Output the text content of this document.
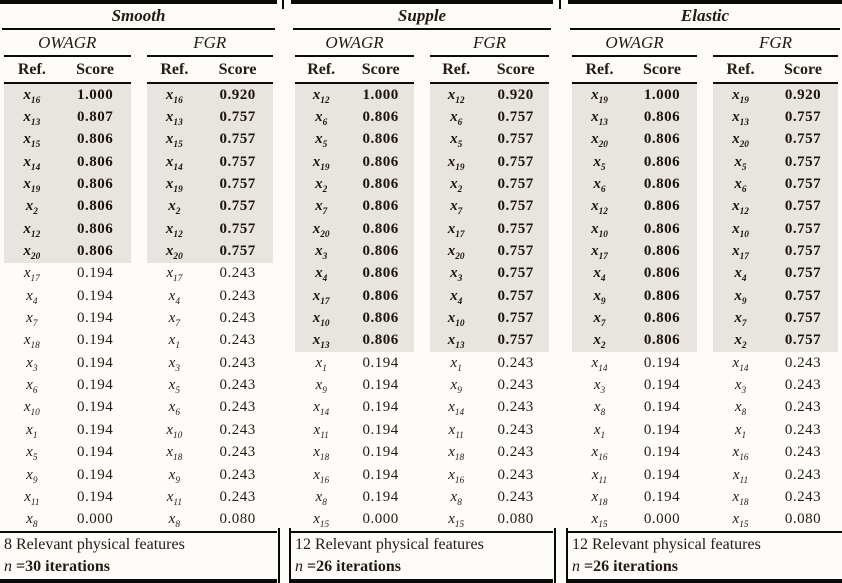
Smooth
OWAGR
Ref.	Score
$x_{16}$	1.000
$x_{13}$	0.807
$x_{15}$	0.806
$x_{14}$	0.806
$x_{19}$	0.806
$x_2$	0.806
$x_{12}$	0.806
$x_{20}$	0.806
$x_{17}$	0.194
$x_4$	0.194
$x_7$	0.194
$x_{18}$	0.194
$x_3$	0.194
$x_6$	0.194
$x_{10}$	0.194
$x_1$	0.194
$x_5$	0.194
$x_9$	0.194
$x_{11}$	0.194
$x_8$	0.000
FGR
Ref.	Score
$x_{16}$	0.920
$x_{13}$	0.757
$x_{15}$	0.757
$x_{14}$	0.757
$x_{19}$	0.757
$x_2$	0.757
$x_{12}$	0.757
$x_{20}$	0.757
$x_{17}$	0.243
$x_4$	0.243
$x_7$	0.243
$x_1$	0.243
$x_3$	0.243
$x_5$	0.243
$x_6$	0.243
$x_{10}$	0.243
$x_{18}$	0.243
$x_9$	0.243
$x_{11}$	0.243
$x_8$	0.080
8 Relevant physical features
n =30 iterations
Supple
OWAGR
Ref.	Score
$x_{12}$	1.000
$x_6$	0.806
$x_5$	0.806
$x_{19}$	0.806
$x_2$	0.806
$x_7$	0.806
$x_{20}$	0.806
$x_3$	0.806
$x_4$	0.806
$x_{17}$	0.806
$x_{10}$	0.806
$x_{13}$	0.806
$x_1$	0.194
$x_9$	0.194
$x_{14}$	0.194
$x_{11}$	0.194
$x_{18}$	0.194
$x_{16}$	0.194
$x_8$	0.194
$x_{15}$	0.000
FGR
Ref.	Score
$x_{12}$	0.920
$x_6$	0.757
$x_5$	0.757
$x_{19}$	0.757
$x_2$	0.757
$x_7$	0.757
$x_{17}$	0.757
$x_{20}$	0.757
$x_3$	0.757
$x_4$	0.757
$x_{10}$	0.757
$x_{13}$	0.757
$x_1$	0.243
$x_9$	0.243
$x_{14}$	0.243
$x_{11}$	0.243
$x_{18}$	0.243
$x_{16}$	0.243
$x_8$	0.243
$x_{15}$	0.080
12 Relevant physical features
n =26 iterations
Elastic
OWAGR
Ref.	Score
$x_{19}$	1.000
$x_{13}$	0.806
$x_{20}$	0.806
$x_5$	0.806
$x_6$	0.806
$x_{12}$	0.806
$x_{10}$	0.806
$x_{17}$	0.806
$x_4$	0.806
$x_9$	0.806
$x_7$	0.806
$x_2$	0.806
$x_{14}$	0.194
$x_3$	0.194
$x_8$	0.194
$x_1$	0.194
$x_{16}$	0.194
$x_{11}$	0.194
$x_{18}$	0.194
$x_{15}$	0.000
FGR
Ref.	Score
$x_{19}$	0.920
$x_{13}$	0.757
$x_{20}$	0.757
$x_5$	0.757
$x_6$	0.757
$x_{12}$	0.757
$x_{10}$	0.757
$x_{17}$	0.757
$x_4$	0.757
$x_9$	0.757
$x_7$	0.757
$x_2$	0.757
$x_{14}$	0.243
$x_3$	0.243
$x_8$	0.243
$x_1$	0.243
$x_{16}$	0.243
$x_{11}$	0.243
$x_{18}$	0.243
$x_{15}$	0.080
12 Relevant physical features
n =26 iterations
